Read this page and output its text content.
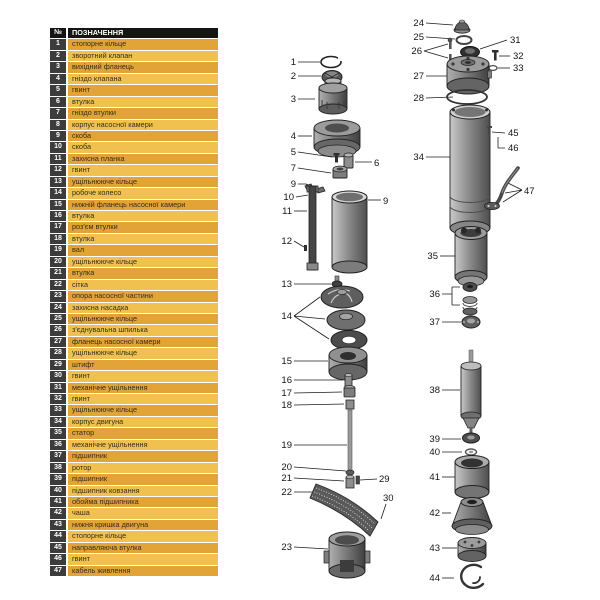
№	ПОЗНАЧЕННЯ
1	стопорне кільце
2	зворотний клапан
3	вихідний фланець
4	гніздо клапана
5	гвинт
6	втулка
7	гніздо втулки
8	корпус насосної камери
9	скоба
10	скоба
11	захисна планка
12	гвинт
13	ущільнююче кільце
14	робоче колесо
15	нижній фланець насосної камери
16	втулка
17	роз'єм втулки
18	втулка
19	вал
20	ущільнююче кільце
21	втулка
22	сітка
23	опора насосної частини
24	захисна насадка
25	ущільнююче кільце
26	з'єднувальна шпилька
27	фланець насосної камери
28	ущільнююче кільце
29	штифт
30	гвинт
31	механічне ущільнення
32	гвинт
33	ущільнююче кільце
34	корпус двигуна
35	статор
36	механічне ущільнення
37	підшипник
38	ротор
39	підшипник
40	підшипник ковзання
41	обойма підшипника
42	чаша
43	нижня кришка двигуна
44	стопорне кільце
45	направляюча втулка
46	гвинт
47	кабель живлення
1
2
3
4
5
6
7
9
10
11
12
9
13
14
15
16
17
18
19
20
21	29
22
30
23
24
25
26
31
32
33
27
28
34
45
46
47
35
36
37
38
39
40
41
42
43
44
